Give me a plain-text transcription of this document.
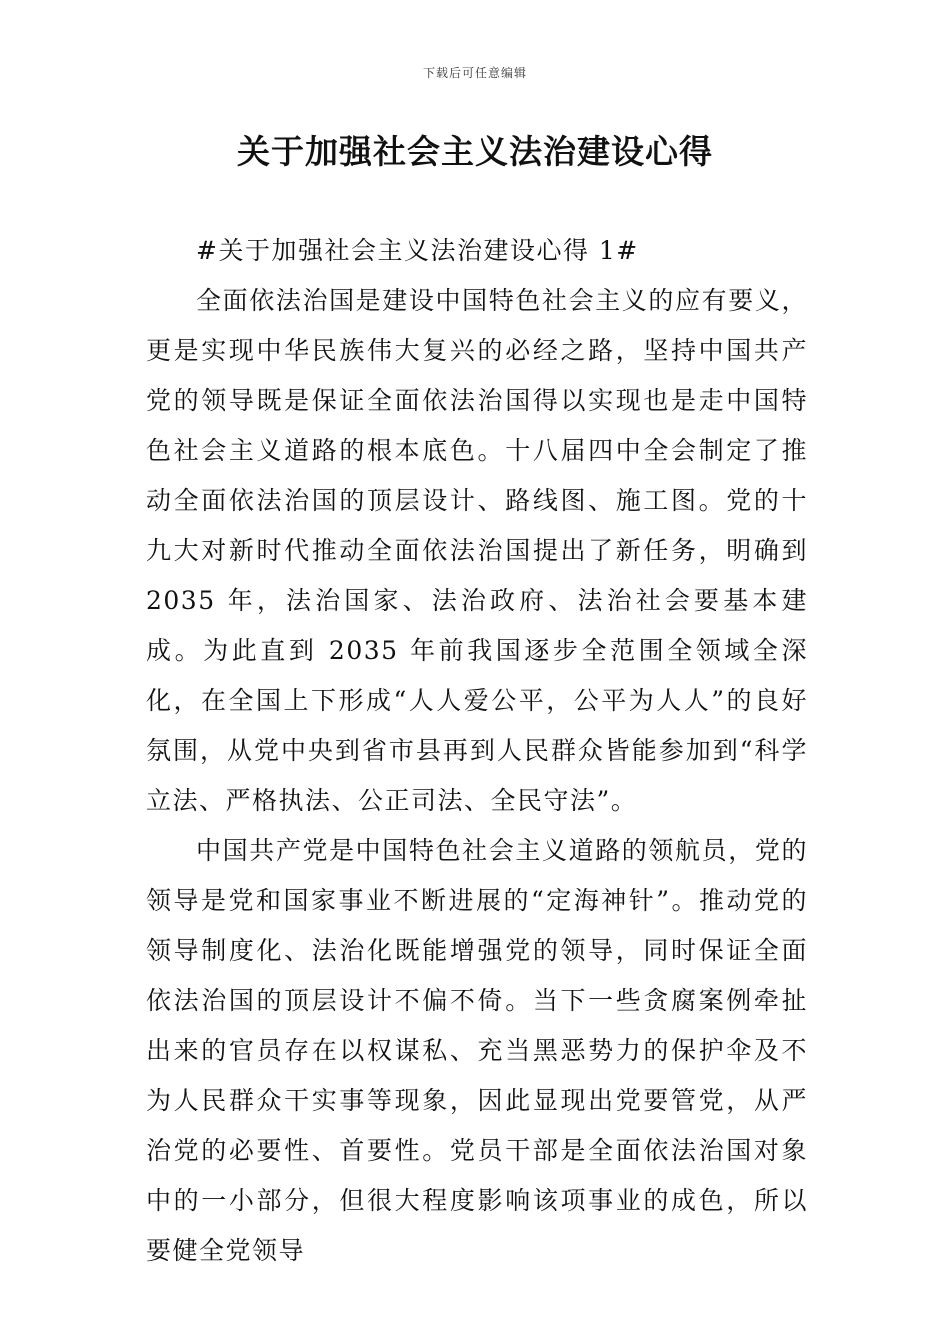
下载后可任意编辑
关于加强社会主义法治建设心得

#关于加强社会主义法治建设心得 1#

全面依法治国是建设中国特色社会主义的应有要义，更是实现中华民族伟大复兴的必经之路，坚持中国共产党的领导既是保证全面依法治国得以实现也是走中国特色社会主义道路的根本底色。十八届四中全会制定了推动全面依法治国的顶层设计、路线图、施工图。党的十九大对新时代推动全面依法治国提出了新任务，明确到 2035 年，法治国家、法治政府、法治社会要基本建成。为此直到 2035 年前我国逐步全范围全领域全深化，在全国上下形成“人人爱公平，公平为人人”的良好氛围，从党中央到省市县再到人民群众皆能参加到“科学立法、严格执法、公正司法、全民守法”。

中国共产党是中国特色社会主义道路的领航员，党的领导是党和国家事业不断进展的“定海神针”。推动党的领导制度化、法治化既能增强党的领导，同时保证全面依法治国的顶层设计不偏不倚。当下一些贪腐案例牵扯出来的官员存在以权谋私、充当黑恶势力的保护伞及不为人民群众干实事等现象，因此显现出党要管党，从严治党的必要性、首要性。党员干部是全面依法治国对象中的一小部分，但很大程度影响该项事业的成色，所以要健全党领导
